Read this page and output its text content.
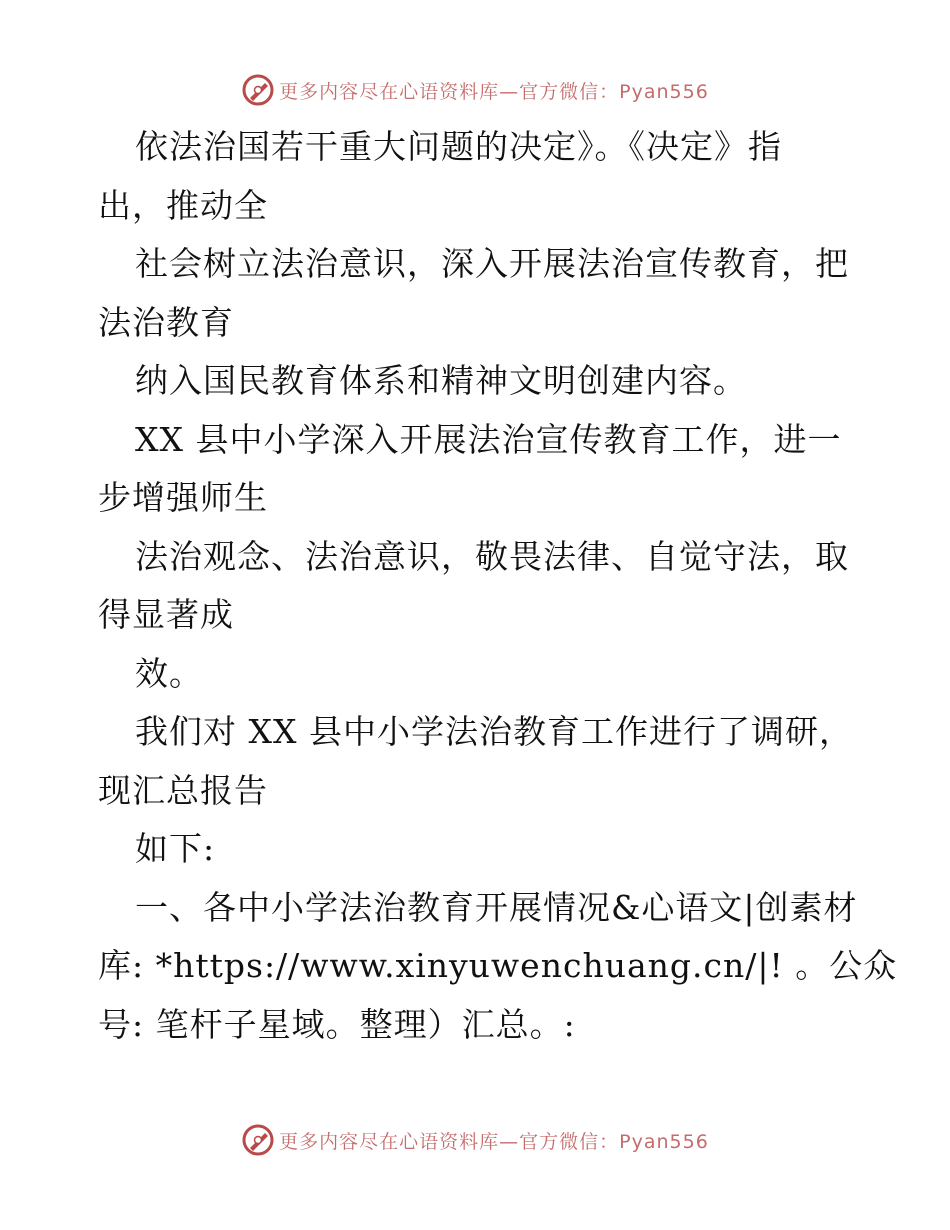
更多内容尽在心语资料库—官方微信：Pyan556
依法治国若干重大问题的决定》。《决定》指
出，推动全
社会树立法治意识，深入开展法治宣传教育，把
法治教育
纳入国民教育体系和精神文明创建内容。
XX 县中小学深入开展法治宣传教育工作，进一
步增强师生
法治观念、法治意识，敬畏法律、自觉守法，取
得显著成
效。
我们对 XX 县中小学法治教育工作进行了调研，
现汇总报告
如下:
一、各中小学法治教育开展情况&心语文|创素材
库: *https://www.xinyuwenchuang.cn/|! 。公众
号: 笔杆子星域。整理）汇总。:
更多内容尽在心语资料库—官方微信：Pyan556
